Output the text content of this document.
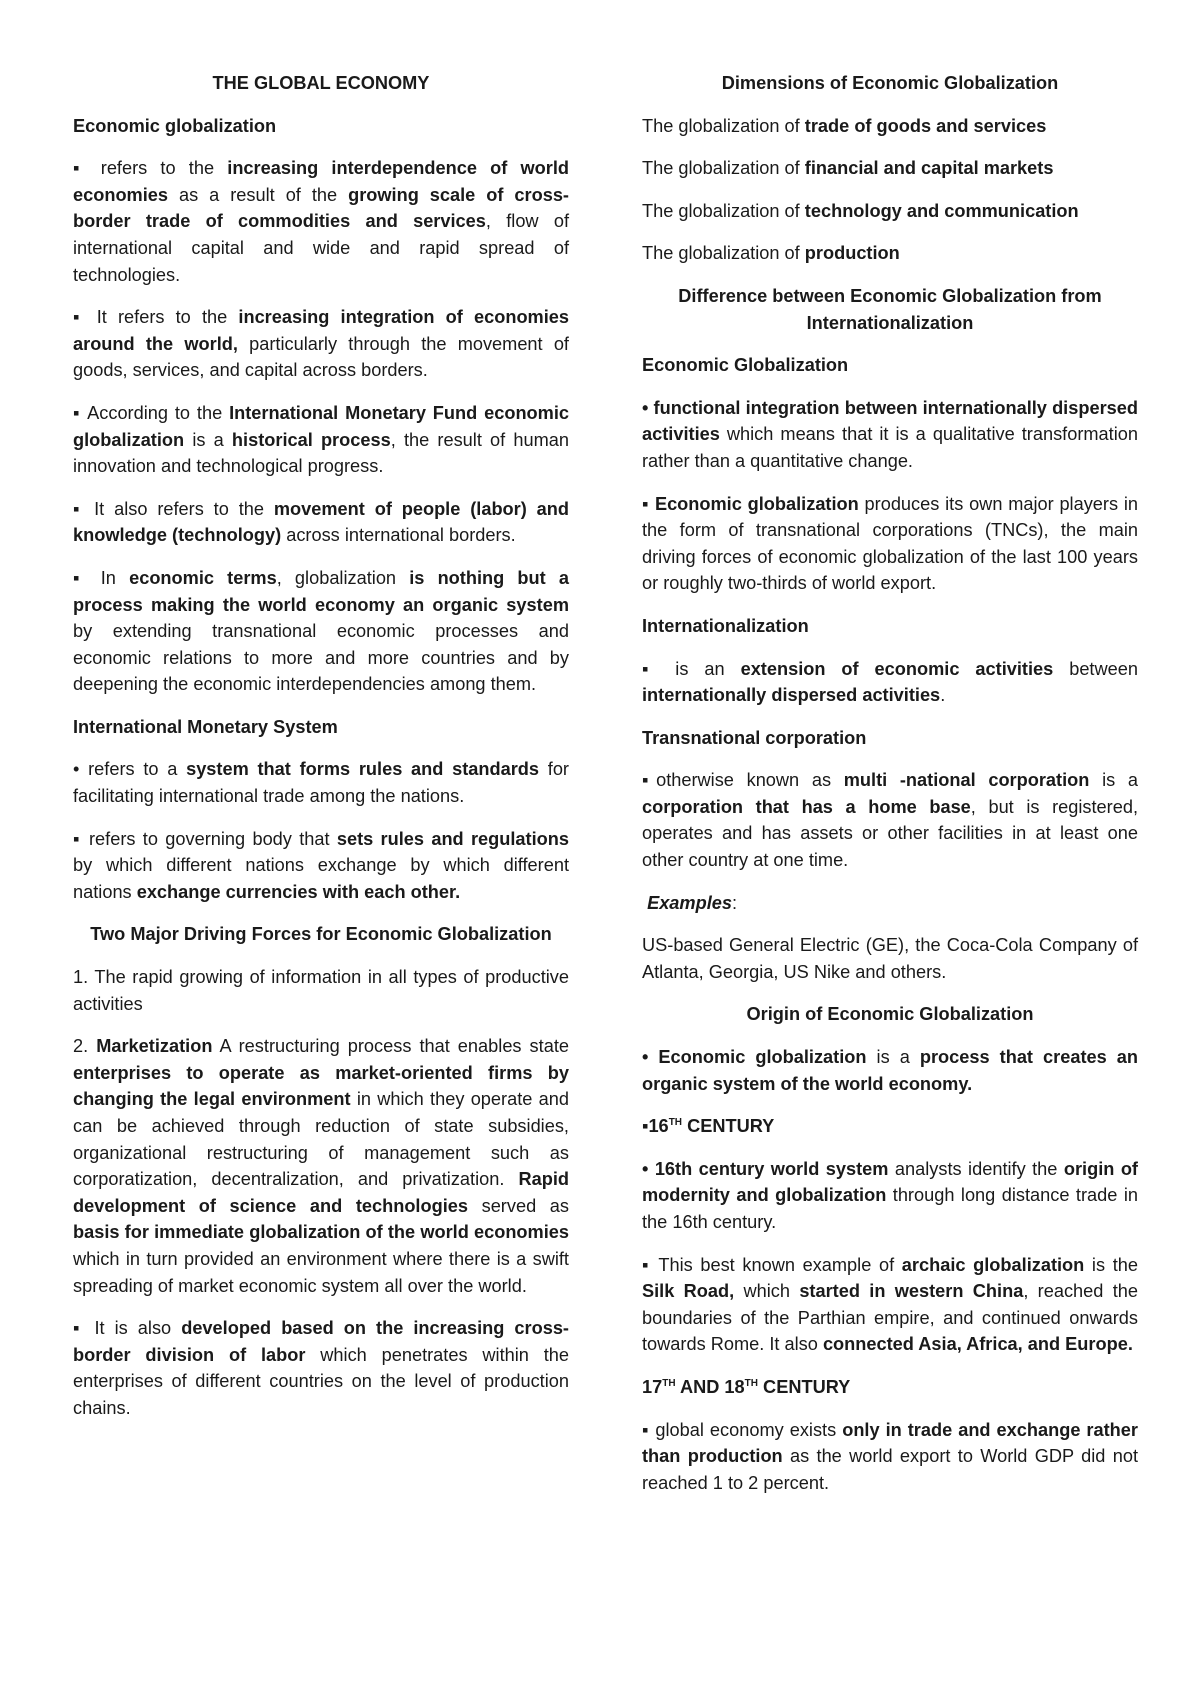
THE GLOBAL ECONOMY
Economic globalization

▪ refers to the increasing interdependence of world economies as a result of the growing scale of cross-border trade of commodities and services, flow of international capital and wide and rapid spread of technologies.

▪ It refers to the increasing integration of economies around the world, particularly through the movement of goods, services, and capital across borders.

▪ According to the International Monetary Fund economic globalization is a historical process, the result of human innovation and technological progress.

▪ It also refers to the movement of people (labor) and knowledge (technology) across international borders.

▪ In economic terms, globalization is nothing but a process making the world economy an organic system by extending transnational economic processes and economic relations to more and more countries and by deepening the economic interdependencies among them.

International Monetary System

• refers to a system that forms rules and standards for facilitating international trade among the nations.

▪ refers to governing body that sets rules and regulations by which different nations exchange by which different nations exchange currencies with each other.

Two Major Driving Forces for Economic Globalization

1. The rapid growing of information in all types of productive activities

2. Marketization A restructuring process that enables state enterprises to operate as market-oriented firms by changing the legal environment in which they operate and can be achieved through reduction of state subsidies, organizational restructuring of management such as corporatization, decentralization, and privatization. Rapid development of science and technologies served as basis for immediate globalization of the world economies which in turn provided an environment where there is a swift spreading of market economic system all over the world.

▪ It is also developed based on the increasing cross-border division of labor which penetrates within the enterprises of different countries on the level of production chains.

Dimensions of Economic Globalization

The globalization of trade of goods and services

The globalization of financial and capital markets

The globalization of technology and communication

The globalization of production

Difference between Economic Globalization from Internationalization
Economic Globalization

• functional integration between internationally dispersed activities which means that it is a qualitative transformation rather than a quantitative change.

▪ Economic globalization produces its own major players in the form of transnational corporations (TNCs), the main driving forces of economic globalization of the last 100 years or roughly two-thirds of world export.

Internationalization

▪ is an extension of economic activities between internationally dispersed activities.

Transnational corporation

▪otherwise known as multi -national corporation is a corporation that has a home base, but is registered, operates and has assets or other facilities in at least one other country at one time.

Examples:

US-based General Electric (GE), the Coca-Cola Company of Atlanta, Georgia, US Nike and others.

Origin of Economic Globalization

• Economic globalization is a process that creates an organic system of the world economy.

▪16TH CENTURY

• 16th century world system analysts identify the origin of modernity and globalization through long distance trade in the 16th century.

▪ This best known example of archaic globalization is the Silk Road, which started in western China, reached the boundaries of the Parthian empire, and continued onwards towards Rome. It also connected Asia, Africa, and Europe.

17TH AND 18TH CENTURY

▪ global economy exists only in trade and exchange rather than production as the world export to World GDP did not reached 1 to 2 percent.
